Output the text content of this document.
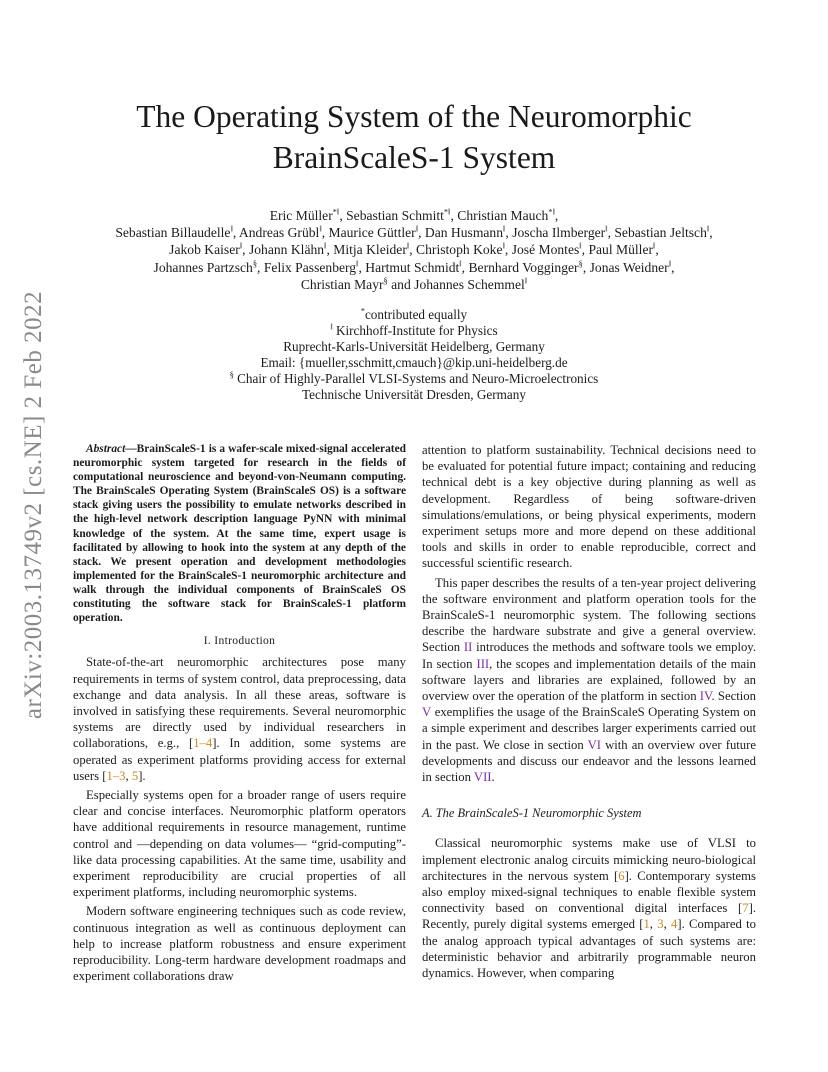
arXiv:2003.13749v2 [cs.NE] 2 Feb 2022
The Operating System of the Neuromorphic
BrainScaleS-1 System
Eric Müller*‖, Sebastian Schmitt*‖, Christian Mauch*‖,
Sebastian Billaudelle‖, Andreas Grübl‖, Maurice Güttler‖, Dan Husmann‖, Joscha Ilmberger‖, Sebastian Jeltsch‖,
Jakob Kaiser‖, Johann Klähn‖, Mitja Kleider‖, Christoph Koke‖, José Montes‖, Paul Müller‖,
Johannes Partzsch§, Felix Passenberg‖, Hartmut Schmidt‖, Bernhard Vogginger§, Jonas Weidner‖,
Christian Mayr§ and Johannes Schemmel‖
*contributed equally
‖ Kirchhoff-Institute for Physics
Ruprecht-Karls-Universität Heidelberg, Germany
Email: {mueller,sschmitt,cmauch}@kip.uni-heidelberg.de
§ Chair of Highly-Parallel VLSI-Systems and Neuro-Microelectronics
Technische Universität Dresden, Germany

Abstract—BrainScaleS-1 is a wafer-scale mixed-signal accelerated neuromorphic system targeted for research in the fields of computational neuroscience and beyond-von-Neumann computing. The BrainScaleS Operating System (BrainScaleS OS) is a software stack giving users the possibility to emulate networks described in the high-level network description language PyNN with minimal knowledge of the system. At the same time, expert usage is facilitated by allowing to hook into the system at any depth of the stack. We present operation and development methodologies implemented for the BrainScaleS-1 neuromorphic architecture and walk through the individual components of BrainScaleS OS constituting the software stack for BrainScaleS-1 platform operation.

I. Introduction

State-of-the-art neuromorphic architectures pose many requirements in terms of system control, data preprocessing, data exchange and data analysis. In all these areas, software is involved in satisfying these requirements. Several neuromorphic systems are directly used by individual researchers in collaborations, e.g., [1–4]. In addition, some systems are operated as experiment platforms providing access for external users [1–3, 5].

Especially systems open for a broader range of users require clear and concise interfaces. Neuromorphic platform operators have additional requirements in resource management, runtime control and —depending on data volumes— “grid-computing”-like data processing capabilities. At the same time, usability and experiment reproducibility are crucial properties of all experiment platforms, including neuromorphic systems.

Modern software engineering techniques such as code review, continuous integration as well as continuous deployment can help to increase platform robustness and ensure experiment reproducibility. Long-term hardware development roadmaps and experiment collaborations draw

attention to platform sustainability. Technical decisions need to be evaluated for potential future impact; containing and reducing technical debt is a key objective during planning as well as development. Regardless of being software-driven simulations/emulations, or being physical experiments, modern experiment setups more and more depend on these additional tools and skills in order to enable reproducible, correct and successful scientific research.

This paper describes the results of a ten-year project delivering the software environment and platform operation tools for the BrainScaleS-1 neuromorphic system. The following sections describe the hardware substrate and give a general overview. Section II introduces the methods and software tools we employ. In section III, the scopes and implementation details of the main software layers and libraries are explained, followed by an overview over the operation of the platform in section IV. Section V exemplifies the usage of the BrainScaleS Operating System on a simple experiment and describes larger experiments carried out in the past. We close in section VI with an overview over future developments and discuss our endeavor and the lessons learned in section VII.

A. The BrainScaleS-1 Neuromorphic System

Classical neuromorphic systems make use of VLSI to implement electronic analog circuits mimicking neuro-biological architectures in the nervous system [6]. Contemporary systems also employ mixed-signal techniques to enable flexible system connectivity based on conventional digital interfaces [7]. Recently, purely digital systems emerged [1, 3, 4]. Compared to the analog approach typical advantages of such systems are: deterministic behavior and arbitrarily programmable neuron dynamics. However, when comparing
